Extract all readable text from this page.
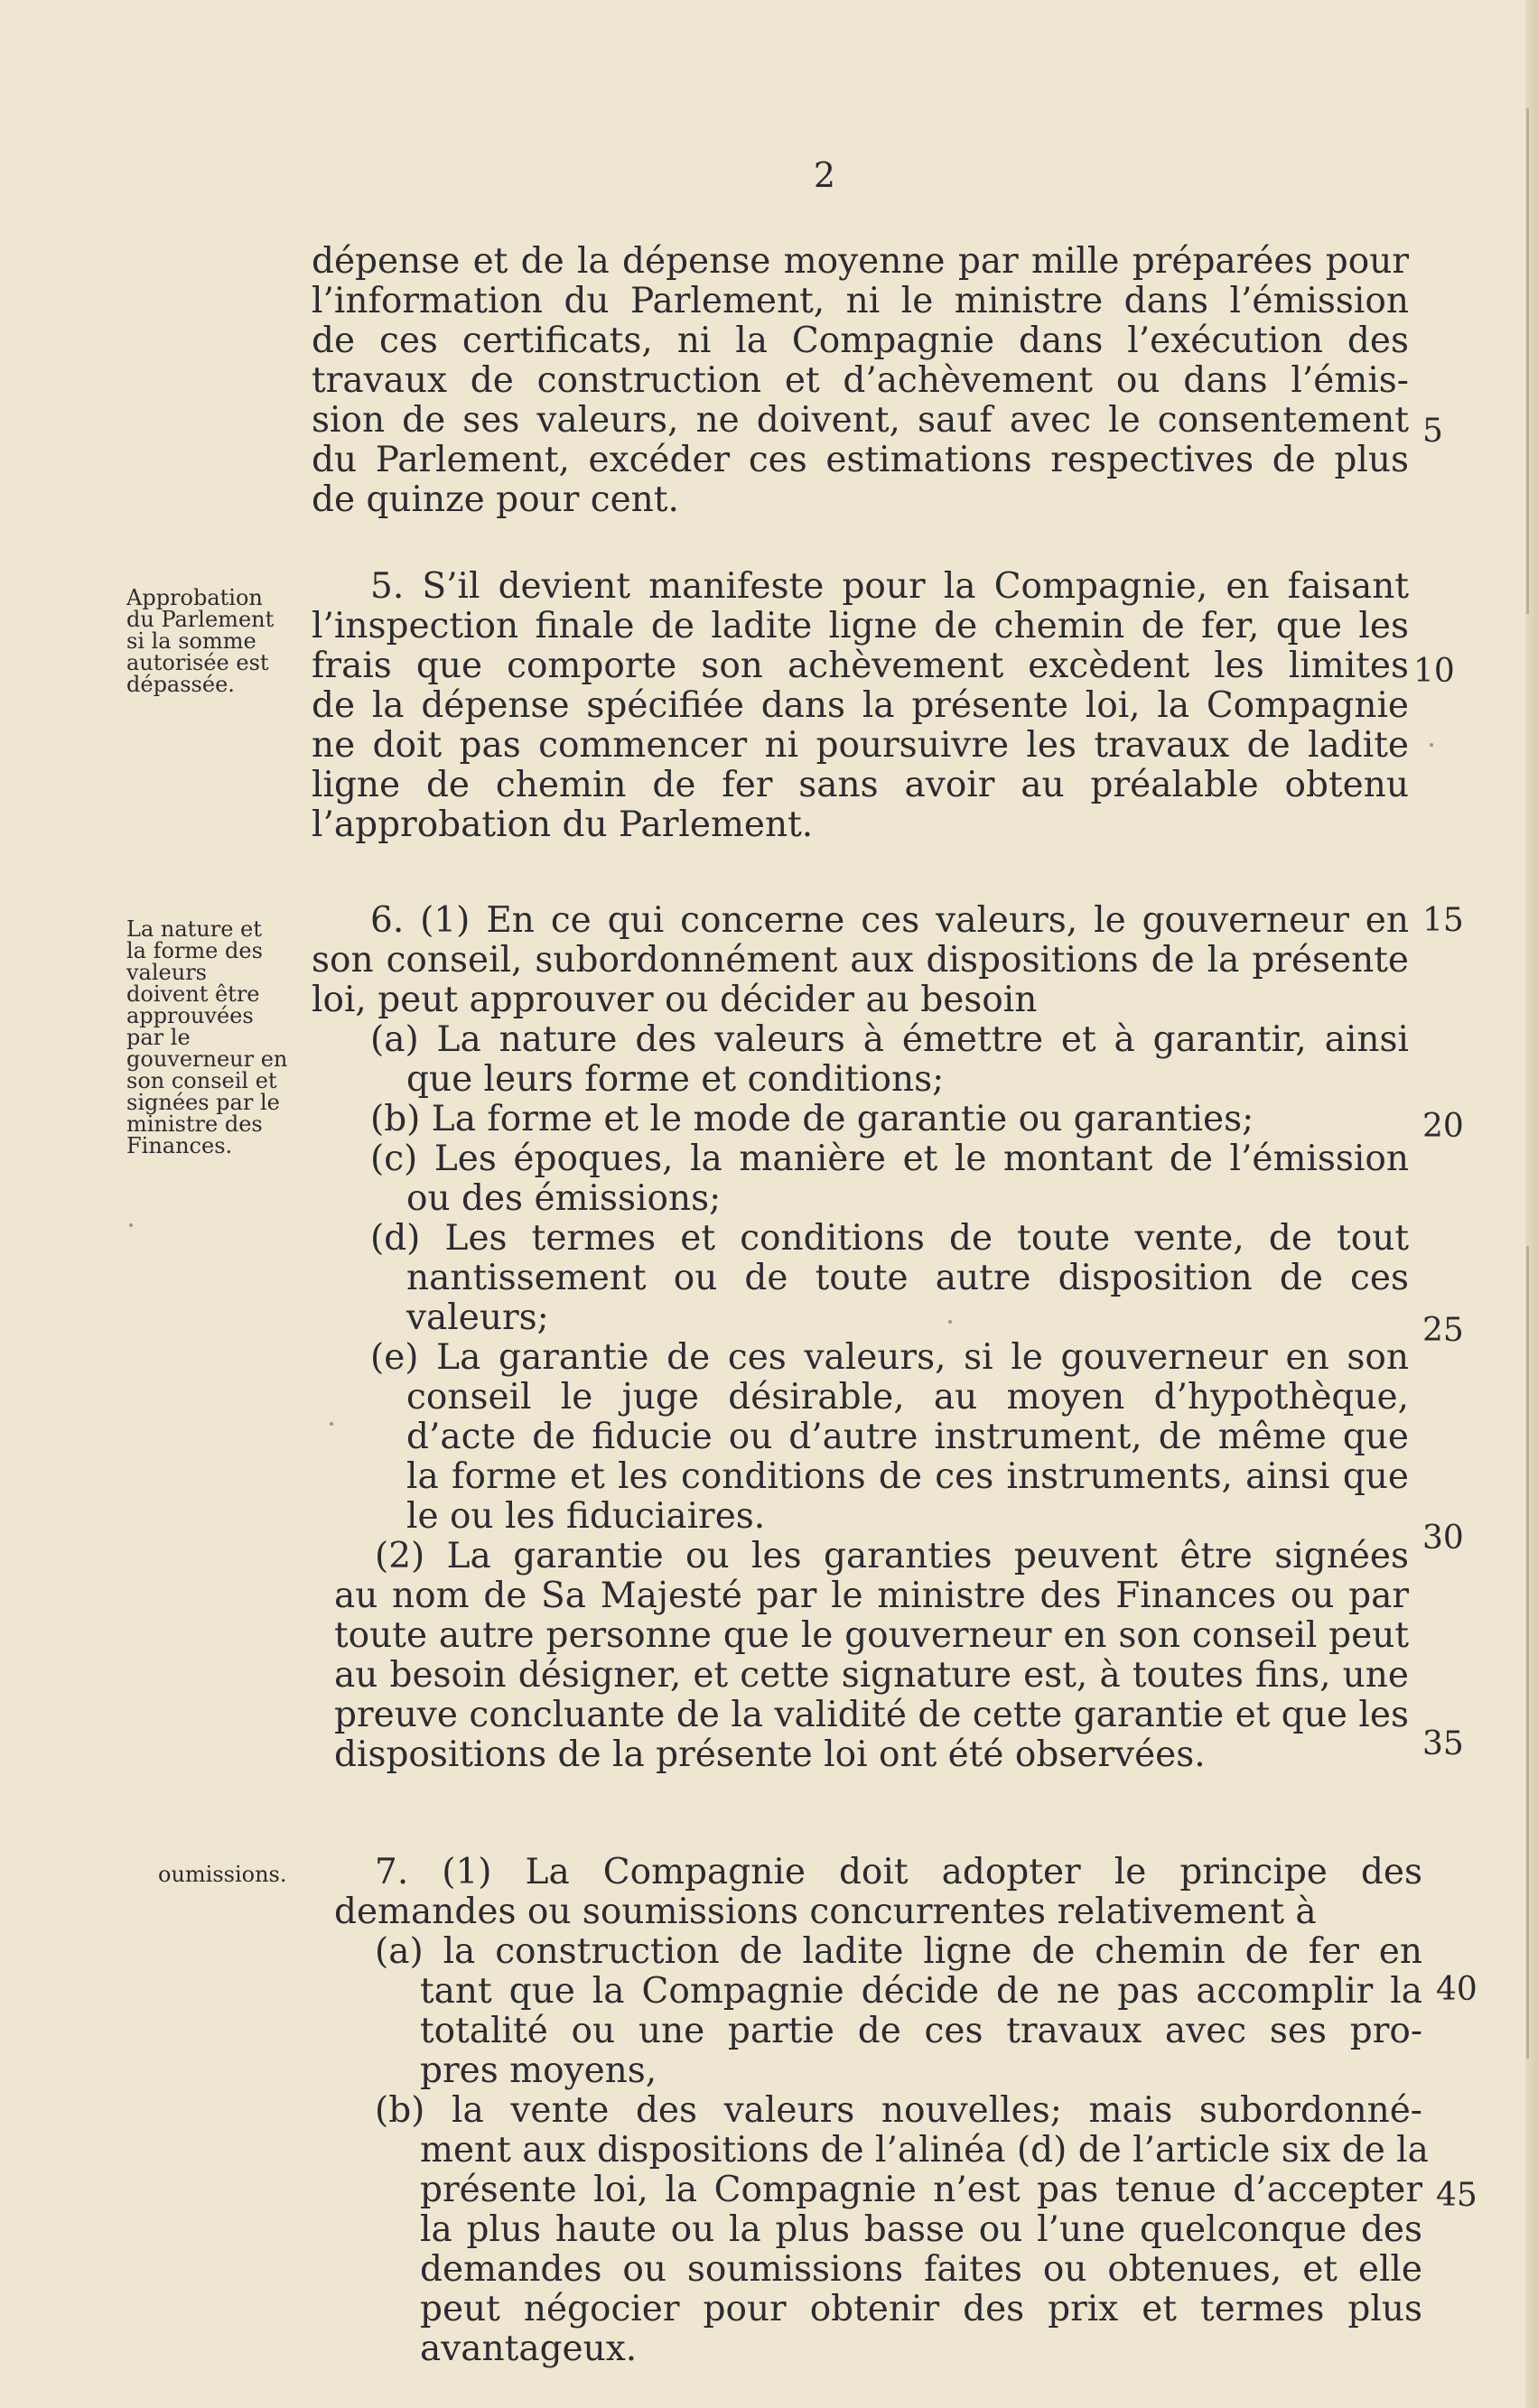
2
dépense et de la dépense moyenne par mille préparées pour
l’information du Parlement, ni le ministre dans l’émission
de ces certificats, ni la Compagnie dans l’exécution des
travaux de construction et d’achèvement ou dans l’émis-
sion de ses valeurs, ne doivent, sauf avec le consentement
du Parlement, excéder ces estimations respectives de plus
de quinze pour cent.
Approbation
du Parlement
si la somme
autorisée est
dépassée.
5. S’il devient manifeste pour la Compagnie, en faisant
l’inspection finale de ladite ligne de chemin de fer, que les
frais que comporte son achèvement excèdent les limites
de la dépense spécifiée dans la présente loi, la Compagnie
ne doit pas commencer ni poursuivre les travaux de ladite
ligne de chemin de fer sans avoir au préalable obtenu
l’approbation du Parlement.
La nature et
la forme des
valeurs
doivent être
approuvées
par le
gouverneur en
son conseil et
signées par le
ministre des
Finances.
6. (1) En ce qui concerne ces valeurs, le gouverneur en
son conseil, subordonnément aux dispositions de la présente
loi, peut approuver ou décider au besoin
(a) La nature des valeurs à émettre et à garantir, ainsi
que leurs forme et conditions;
(b) La forme et le mode de garantie ou garanties;
(c) Les époques, la manière et le montant de l’émission
ou des émissions;
(d) Les termes et conditions de toute vente, de tout
nantissement ou de toute autre disposition de ces
valeurs;
(e) La garantie de ces valeurs, si le gouverneur en son
conseil le juge désirable, au moyen d’hypothèque,
d’acte de fiducie ou d’autre instrument, de même que
la forme et les conditions de ces instruments, ainsi que
le ou les fiduciaires.
(2) La garantie ou les garanties peuvent être signées
au nom de Sa Majesté par le ministre des Finances ou par
toute autre personne que le gouverneur en son conseil peut
au besoin désigner, et cette signature est, à toutes fins, une
preuve concluante de la validité de cette garantie et que les
dispositions de la présente loi ont été observées.
oumissions.	7. (1) La Compagnie doit adopter le principe des
demandes ou soumissions concurrentes relativement à
(a) la construction de ladite ligne de chemin de fer en
tant que la Compagnie décide de ne pas accomplir la
totalité ou une partie de ces travaux avec ses pro-
pres moyens,
(b) la vente des valeurs nouvelles; mais subordonné-
ment aux dispositions de l’alinéa (d) de l’article six de la
présente loi, la Compagnie n’est pas tenue d’accepter
la plus haute ou la plus basse ou l’une quelconque des
demandes ou soumissions faites ou obtenues, et elle
peut négocier pour obtenir des prix et termes plus
avantageux.
5
10
15
20
25
30
35
40
45
